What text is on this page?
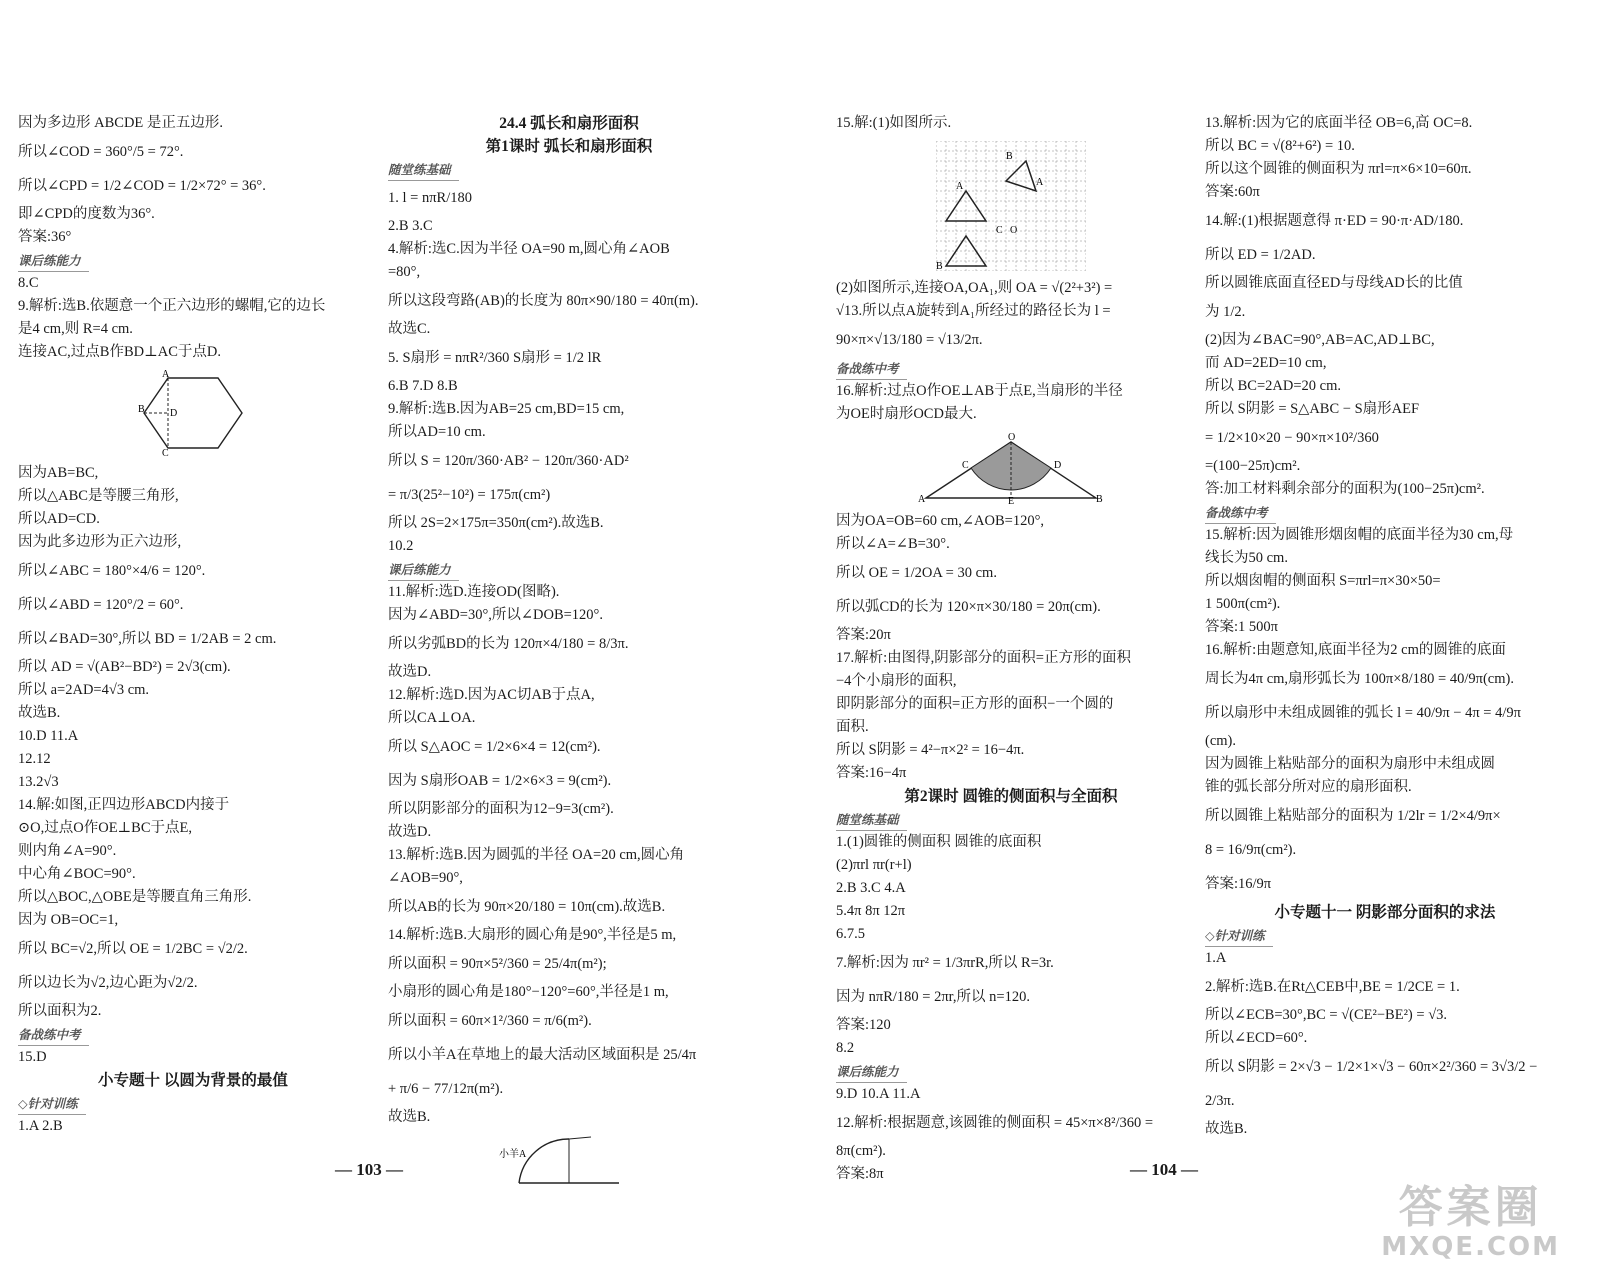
因为多边形 ABCDE 是正五边形.
所以∠COD = 360°/5 = 72°.
所以∠CPD = 1/2∠COD = 1/2×72° = 36°.
即∠CPD的度数为36°.
答案:36°
课后练能力
8.C
9.解析:选B.依题意一个正六边形的螺帽,它的边长
是4 cm,则 R=4 cm.
连接AC,过点B作BD⊥AC于点D.
A
B	D
C
因为AB=BC,
所以△ABC是等腰三角形,
所以AD=CD.
因为此多边形为正六边形,
所以∠ABC = 180°×4/6 = 120°.
所以∠ABD = 120°/2 = 60°.
所以∠BAD=30°,所以 BD = 1/2AB = 2 cm.
所以 AD = √(AB²−BD²) = 2√3(cm).
所以 a=2AD=4√3 cm.
故选B.
10.D 11.A
12.12
13.2√3
14.解:如图,正四边形ABCD内接于
⊙O,过点O作OE⊥BC于点E,
则内角∠A=90°.
中心角∠BOC=90°.
所以△BOC,△OBE是等腰直角三角形.
因为 OB=OC=1,
所以 BC=√2,所以 OE = 1/2BC = √2/2.
所以边长为√2,边心距为√2/2.
所以面积为2.
备战练中考
15.D
小专题十 以圆为背景的最值
◇针对训练
1.A 2.B
24.4 弧长和扇形面积
第1课时 弧长和扇形面积
随堂练基础
1. l = nπR/180
2.B 3.C
4.解析:选C.因为半径 OA=90 m,圆心角∠AOB
=80°,
所以这段弯路(AB)的长度为 80π×90/180 = 40π(m).
故选C.
5. S扇形 = nπR²/360 S扇形 = 1/2 lR
6.B 7.D 8.B
9.解析:选B.因为AB=25 cm,BD=15 cm,
所以AD=10 cm.
所以 S = 120π/360·AB² − 120π/360·AD²
= π/3(25²−10²) = 175π(cm²)
所以 2S=2×175π=350π(cm²).故选B.
10.2
课后练能力
11.解析:选D.连接OD(图略).
因为∠ABD=30°,所以∠DOB=120°.
所以劣弧BD的长为 120π×4/180 = 8/3π.
故选D.
12.解析:选D.因为AC切AB于点A,
所以CA⊥OA.
所以 S△AOC = 1/2×6×4 = 12(cm²).
因为 S扇形OAB = 1/2×6×3 = 9(cm²).
所以阴影部分的面积为12−9=3(cm²).
故选D.
13.解析:选B.因为圆弧的半径 OA=20 cm,圆心角
∠AOB=90°,
所以AB的长为 90π×20/180 = 10π(cm).故选B.
14.解析:选B.大扇形的圆心角是90°,半径是5 m,
所以面积 = 90π×5²/360 = 25/4π(m²);
小扇形的圆心角是180°−120°=60°,半径是1 m,
所以面积 = 60π×1²/360 = π/6(m²).
所以小羊A在草地上的最大活动区域面积是 25/4π
+ π/6 − 77/12π(m²).
故选B.
小羊A
15.解:(1)如图所示.
B
A	A
C O
B
(2)如图所示,连接OA,OA₁,则 OA = √(2²+3²) =
√13.所以点A旋转到A₁所经过的路径长为 l =
90×π×√13/180 = √13/2π.
备战练中考
16.解析:过点O作OE⊥AB于点E,当扇形的半径
为OE时扇形OCD最大.
O
A	B
C	D
E
因为OA=OB=60 cm,∠AOB=120°,
所以∠A=∠B=30°.
所以 OE = 1/2OA = 30 cm.
所以弧CD的长为 120×π×30/180 = 20π(cm).
答案:20π
17.解析:由图得,阴影部分的面积=正方形的面积
−4个小扇形的面积,
即阴影部分的面积=正方形的面积−一个圆的
面积.
所以 S阴影 = 4²−π×2² = 16−4π.
答案:16−4π
第2课时 圆锥的侧面积与全面积
随堂练基础
1.(1)圆锥的侧面积 圆锥的底面积
(2)πrl πr(r+l)
2.B 3.C 4.A
5.4π 8π 12π
6.7.5
7.解析:因为 πr² = 1/3πrR,所以 R=3r.
因为 nπR/180 = 2πr,所以 n=120.
答案:120
8.2
课后练能力
9.D 10.A 11.A
12.解析:根据题意,该圆锥的侧面积 = 45×π×8²/360 =
8π(cm²).
答案:8π
13.解析:因为它的底面半径 OB=6,高 OC=8.
所以 BC = √(8²+6²) = 10.
所以这个圆锥的侧面积为 πrl=π×6×10=60π.
答案:60π
14.解:(1)根据题意得 π·ED = 90·π·AD/180.
所以 ED = 1/2AD.
所以圆锥底面直径ED与母线AD长的比值
为 1/2.
(2)因为∠BAC=90°,AB=AC,AD⊥BC,
而 AD=2ED=10 cm,
所以 BC=2AD=20 cm.
所以 S阴影 = S△ABC − S扇形AEF
= 1/2×10×20 − 90×π×10²/360
=(100−25π)cm².
答:加工材料剩余部分的面积为(100−25π)cm².
备战练中考
15.解析:因为圆锥形烟囱帽的底面半径为30 cm,母
线长为50 cm.
所以烟囱帽的侧面积 S=πrl=π×30×50=
1 500π(cm²).
答案:1 500π
16.解析:由题意知,底面半径为2 cm的圆锥的底面
周长为4π cm,扇形弧长为 100π×8/180 = 40/9π(cm).
所以扇形中未组成圆锥的弧长 l = 40/9π − 4π = 4/9π
(cm).
因为圆锥上粘贴部分的面积为扇形中未组成圆
锥的弧长部分所对应的扇形面积.
所以圆锥上粘贴部分的面积为 1/2lr = 1/2×4/9π×
8 = 16/9π(cm²).
答案:16/9π
小专题十一 阴影部分面积的求法
◇针对训练
1.A
2.解析:选B.在Rt△CEB中,BE = 1/2CE = 1.
所以∠ECB=30°,BC = √(CE²−BE²) = √3.
所以∠ECD=60°.
所以 S阴影 = 2×√3 − 1/2×1×√3 − 60π×2²/360 = 3√3/2 −
2/3π.
故选B.
— 103 —	— 104 —
答案圈
MXQE.COM
